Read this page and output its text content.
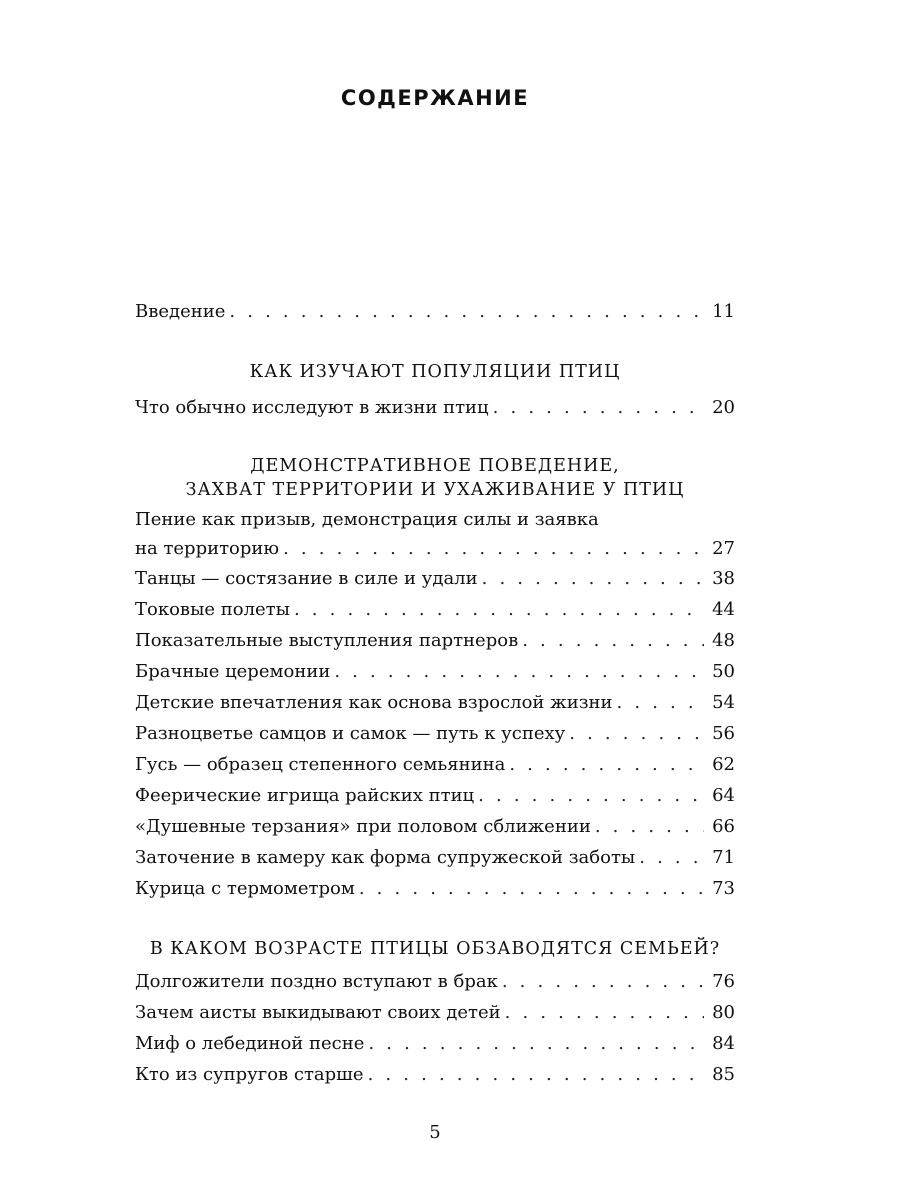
СОДЕРЖАНИЕ
Введение . . .	11
КАК ИЗУЧАЮТ ПОПУЛЯЦИИ ПТИЦ
Что обычно исследуют в жизни птиц . . .	20
ДЕМОНСТРАТИВНОЕ ПОВЕДЕНИЕ,
ЗАХВАТ ТЕРРИТОРИИ И УХАЖИВАНИЕ У ПТИЦ
Пение как призыв, демонстрация силы и заявка
на территорию . . .	27
Танцы — состязание в силе и удали . . .	38
Токовые полеты . . .	44
Показательные выступления партнеров . . .	48
Брачные церемонии . . .	50
Детские впечатления как основа взрослой жизни . . .	54
Разноцветье самцов и самок — путь к успеху . . .	56
Гусь — образец степенного семьянина . . .	62
Феерические игрища райских птиц . . .	64
«Душевные терзания» при половом сближении . . .	66
Заточение в камеру как форма супружеской заботы . . .	71
Курица с термометром . . .	73
В КАКОМ ВОЗРАСТЕ ПТИЦЫ ОБЗАВОДЯТСЯ СЕМЬЕЙ?
Долгожители поздно вступают в брак . . .	76
Зачем аисты выкидывают своих детей . . .	80
Миф о лебединой песне . . .	84
Кто из супругов старше . . .	85
5
